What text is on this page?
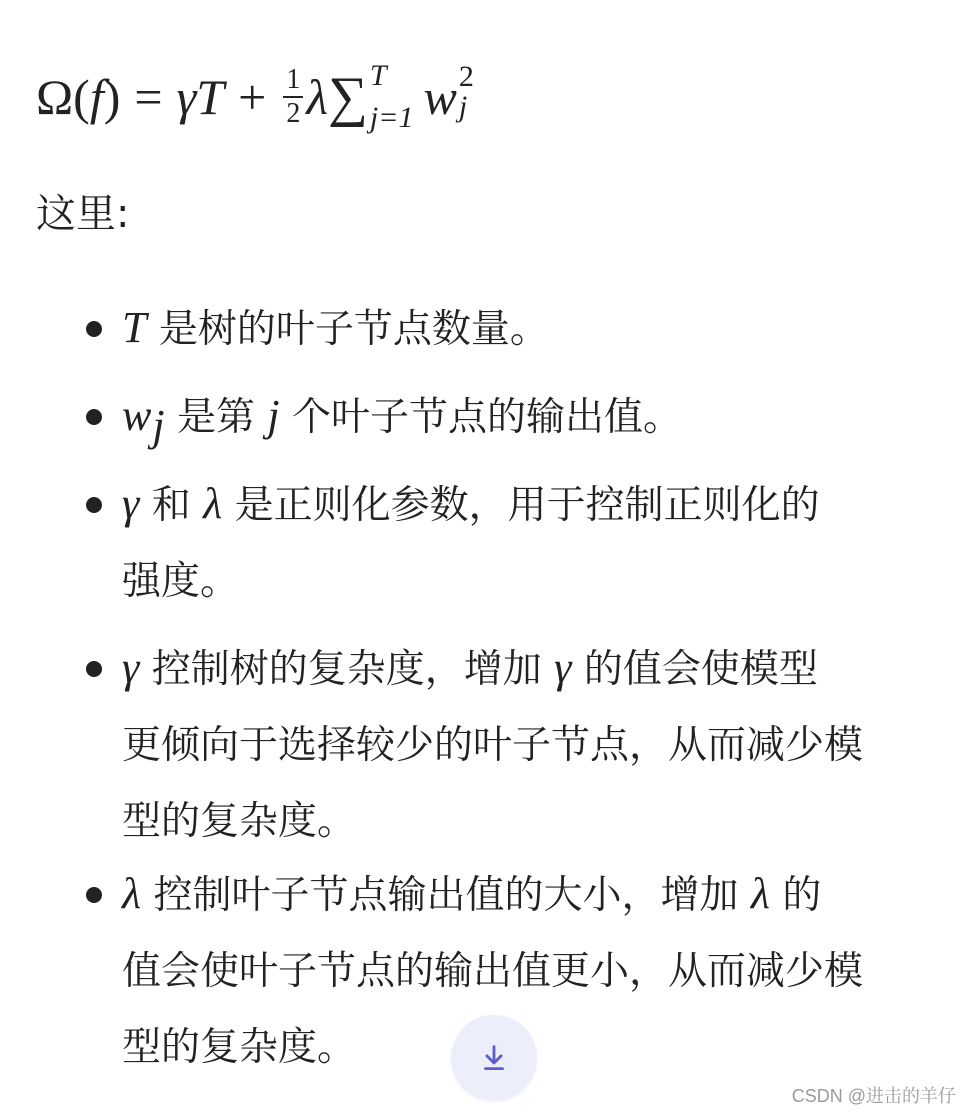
Ω ( f ) = γ $T + \frac{1}{2}$ λ ∑ T
j=1 w 2
j
这里:
T 是树的叶子节点数量。
wj 是第 j 个叶子节点的输出值。
γ 和 λ 是正则化参数，用于控制正则化的
强度。
γ 控制树的复杂度，增加 γ 的值会使模型
更倾向于选择较少的叶子节点，从而减少模
型的复杂度。
λ 控制叶子节点输出值的大小，增加 λ 的
值会使叶子节点的输出值更小，从而减少模
型的复杂度。
CSDN @进击的羊仔
